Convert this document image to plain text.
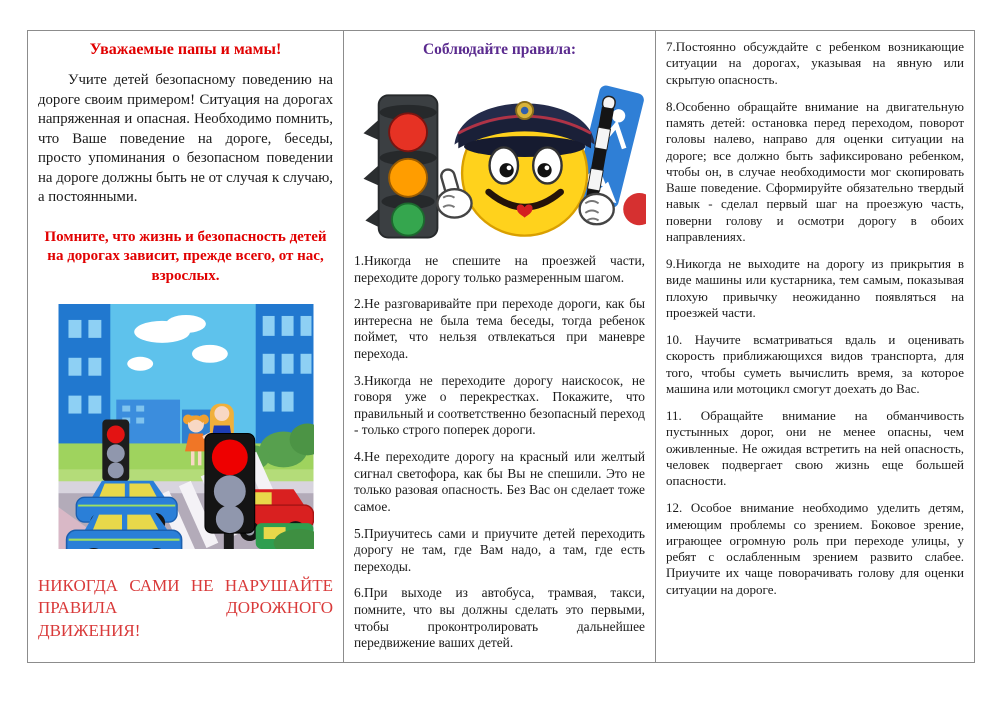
Уважаемые папы и мамы!

Учите детей безопасному поведению на дороге своим примером! Ситуация на дорогах напряженная и опасная. Необходимо помнить, что Ваше поведение на дороге, беседы, просто упоминания о безопасном поведении на дороге должны быть не от случая к случаю, а постоянными.

Помните, что жизнь и безопасность детей на дорогах зависит, прежде всего, от нас, взрослых.

НИКОГДА САМИ НЕ НАРУШАЙТЕ ПРАВИЛА ДОРОЖНОГО ДВИЖЕНИЯ!

Соблюдайте правила:

1.Никогда не спешите на проезжей части, переходите дорогу только размеренным шагом.

2.Не разговаривайте при переходе дороги, как бы интересна не была тема беседы, тогда ребенок поймет, что нельзя отвлекаться при маневре перехода.

3.Никогда не переходите дорогу наискосок, не говоря уже о перекрестках. Покажите, что правильный и соответственно безопасный переход - только строго поперек дороги.

4.Не переходите дорогу на красный или желтый сигнал светофора, как бы Вы не спешили. Это не только разовая опасность. Без Вас он сделает тоже самое.

5.Приучитесь сами и приучите детей переходить дорогу не там, где Вам надо, а там, где есть переходы.

6.При выходе из автобуса, трамвая, такси, помните, что вы должны сделать это первыми, чтобы проконтролировать дальнейшее передвижение ваших детей.

7.Постоянно обсуждайте с ребенком возникающие ситуации на дорогах, указывая на явную или скрытую опасность.

8.Особенно обращайте внимание на двигательную память детей: остановка перед переходом, поворот головы налево, направо для оценки ситуации на дороге; все должно быть зафиксировано ребенком, чтобы он, в случае необходимости мог скопировать Ваше поведение. Сформируйте обязательно твердый навык - сделал первый шаг на проезжую часть, поверни голову и осмотри дорогу в обоих направлениях.

9.Никогда не выходите на дорогу из прикрытия в виде машины или кустарника, тем самым, показывая плохую привычку неожиданно появляться на проезжей части.

10. Научите всматриваться вдаль и оценивать скорость приближающихся видов транспорта, для того, чтобы суметь вычислить время, за которое машина или мотоцикл смогут доехать до Вас.

11. Обращайте внимание на обманчивость пустынных дорог, они не менее опасны, чем оживленные. Не ожидая встретить на ней опасность, человек подвергает свою жизнь еще большей опасности.

12. Особое внимание необходимо уделить детям, имеющим проблемы со зрением. Боковое зрение, играющее огромную роль при переходе улицы, у ребят с ослабленным зрением развито слабее. Приучите их чаще поворачивать голову для оценки ситуации на дороге.
